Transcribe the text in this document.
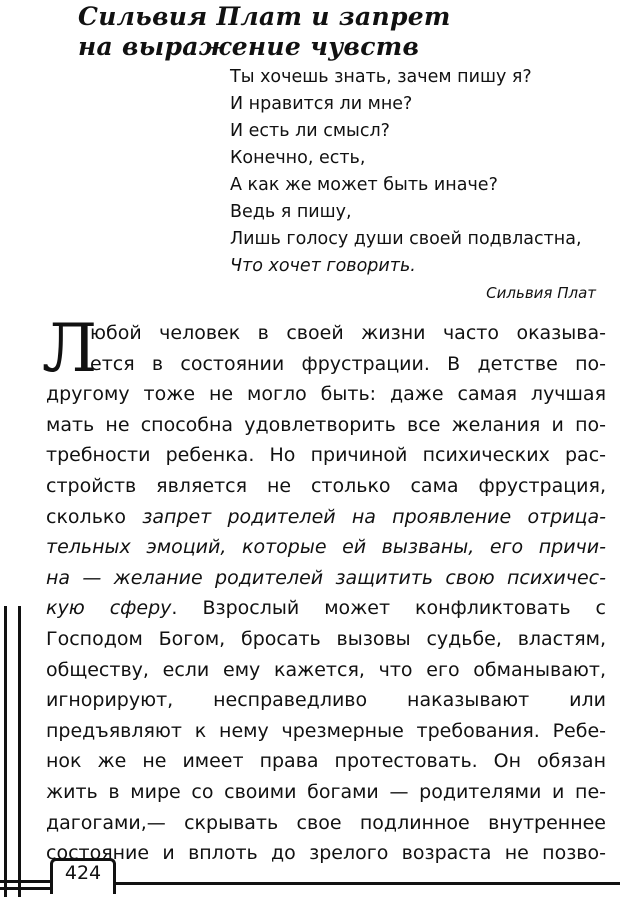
Сильвия Плат и запрет
на выражение чувств
Ты хочешь знать, зачем пишу я?
И нравится ли мне?
И есть ли смысл?
Конечно, есть,
А как же может быть иначе?
Ведь я пишу,
Лишь голосу души своей подвластна,
Что хочет говорить.
Сильвия Плат
Л
юбой человек в своей жизни часто оказыва-
ется в состоянии фрустрации. В детстве по-
другому тоже не могло быть: даже самая лучшая
мать не способна удовлетворить все желания и по-
требности ребенка. Но причиной психических рас-
стройств является не столько сама фрустрация,
сколько запрет родителей на проявление отрица-
тельных эмоций, которые ей вызваны, его причи-
на — желание родителей защитить свою психичес-
кую сферу. Взрослый может конфликтовать с
Господом Богом, бросать вызовы судьбе, властям,
обществу, если ему кажется, что его обманывают,
игнорируют, несправедливо наказывают или
предъявляют к нему чрезмерные требования. Ребе-
нок же не имеет права протестовать. Он обязан
жить в мире со своими богами — родителями и пе-
дагогами,— скрывать свое подлинное внутреннее
состояние и вплоть до зрелого возраста не позво-
424
